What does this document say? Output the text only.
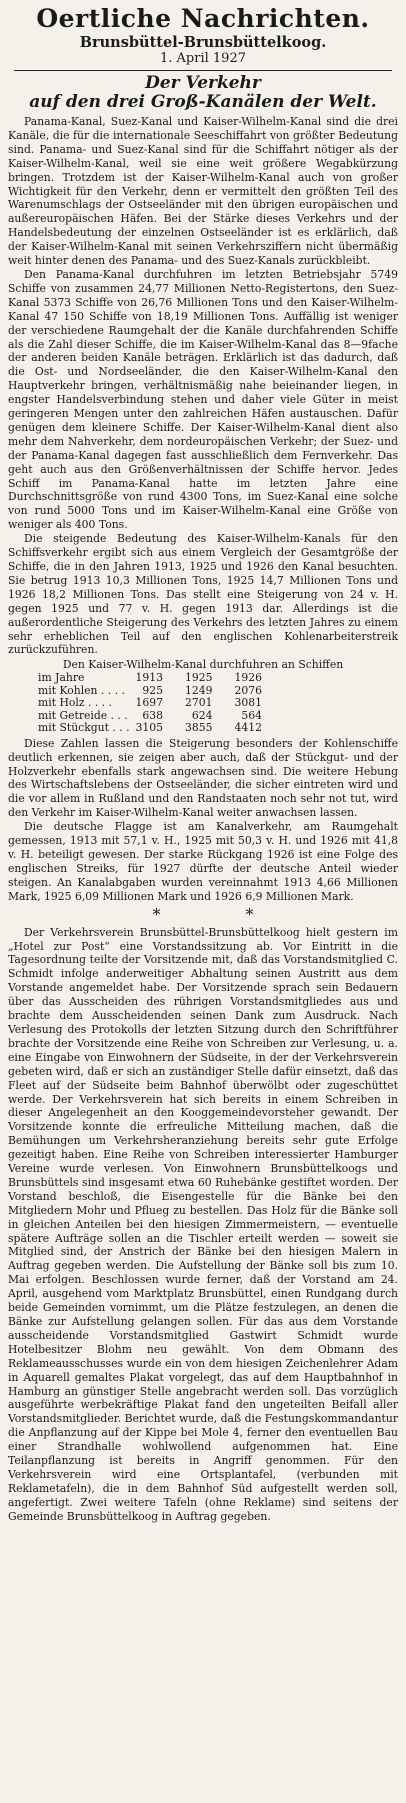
Oertliche Nachrichten.
Brunsbüttel-Brunsbüttelkoog.
1. April 1927
Der Verkehr
auf den drei Groß-Kanälen der Welt.

Panama-Kanal, Suez-Kanal und Kaiser-Wilhelm-Kanal sind die drei Kanäle, die für die internationale Seeschiffahrt von größter Bedeutung sind. Panama- und Suez-Kanal sind für die Schiffahrt nötiger als der Kaiser-Wilhelm-Kanal, weil sie eine weit größere Wegabkürzung bringen. Trotzdem ist der Kaiser-Wilhelm-Kanal auch von großer Wichtigkeit für den Verkehr, denn er vermittelt den größten Teil des Warenumschlags der Ostseeländer mit den übrigen europäischen und außereuropäischen Häfen. Bei der Stärke dieses Verkehrs und der Handelsbedeutung der einzelnen Ostseeländer ist es erklärlich, daß der Kaiser-Wilhelm-Kanal mit seinen Verkehrsziffern nicht übermäßig weit hinter denen des Panama- und des Suez-Kanals zurückbleibt.

Den Panama-Kanal durchfuhren im letzten Betriebsjahr 5749 Schiffe von zusammen 24,77 Millionen Netto-Registertons, den Suez-Kanal 5373 Schiffe von 26,76 Millionen Tons und den Kaiser-Wilhelm-Kanal 47 150 Schiffe von 18,19 Millionen Tons. Auffällig ist weniger der verschiedene Raumgehalt der die Kanäle durchfahrenden Schiffe als die Zahl dieser Schiffe, die im Kaiser-Wilhelm-Kanal das 8—9fache der anderen beiden Kanäle beträgen. Erklärlich ist das dadurch, daß die Ost- und Nordseeländer, die den Kaiser-Wilhelm-Kanal den Hauptverkehr bringen, verhältnismäßig nahe beieinander liegen, in engster Handelsverbindung stehen und daher viele Güter in meist geringeren Mengen unter den zahlreichen Häfen austauschen. Dafür genügen dem kleinere Schiffe. Der Kaiser-Wilhelm-Kanal dient also mehr dem Nahverkehr, dem nordeuropäischen Verkehr; der Suez- und der Panama-Kanal dagegen fast ausschließlich dem Fernverkehr. Das geht auch aus den Größenverhältnissen der Schiffe hervor. Jedes Schiff im Panama-Kanal hatte im letzten Jahre eine Durchschnittsgröße von rund 4300 Tons, im Suez-Kanal eine solche von rund 5000 Tons und im Kaiser-Wilhelm-Kanal eine Größe von weniger als 400 Tons.

Die steigende Bedeutung des Kaiser-Wilhelm-Kanals für den Schiffsverkehr ergibt sich aus einem Vergleich der Gesamtgröße der Schiffe, die in den Jahren 1913, 1925 und 1926 den Kanal besuchten. Sie betrug 1913 10,3 Millionen Tons, 1925 14,7 Millionen Tons und 1926 18,2 Millionen Tons. Das stellt eine Steigerung von 24 v. H. gegen 1925 und 77 v. H. gegen 1913 dar. Allerdings ist die außerordentliche Steigerung des Verkehrs des letzten Jahres zu einem sehr erheblichen Teil auf den englischen Kohlenarbeiterstreik zurückzuführen.

Den Kaiser-Wilhelm-Kanal durchfuhren an Schiffen
im Jahre	1913	1925	1926
mit Kohlen . . . .	925	1249	2076
mit Holz . . . .	1697	2701	3081
mit Getreide . . .	638	624	564
mit Stückgut . . .	3105	3855	4412

Diese Zahlen lassen die Steigerung besonders der Kohlenschiffe deutlich erkennen, sie zeigen aber auch, daß der Stückgut- und der Holzverkehr ebenfalls stark angewachsen sind. Die weitere Hebung des Wirtschaftslebens der Ostseeländer, die sicher eintreten wird und die vor allem in Rußland und den Randstaaten noch sehr not tut, wird den Verkehr im Kaiser-Wilhelm-Kanal weiter anwachsen lassen.

Die deutsche Flagge ist am Kanalverkehr, am Raumgehalt gemessen, 1913 mit 57,1 v. H., 1925 mit 50,3 v. H. und 1926 mit 41,8 v. H. beteiligt gewesen. Der starke Rückgang 1926 ist eine Folge des englischen Streiks, für 1927 dürfte der deutsche Anteil wieder steigen. An Kanalabgaben wurden vereinnahmt 1913 4,66 Millionen Mark, 1925 6,09 Millionen Mark und 1926 6,9 Millionen Mark.

* *

Der Verkehrsverein Brunsbüttel-Brunsbüttelkoog hielt gestern im „Hotel zur Post“ eine Vorstandssitzung ab. Vor Eintritt in die Tagesordnung teilte der Vorsitzende mit, daß das Vorstandsmitglied C. Schmidt infolge anderweitiger Abhaltung seinen Austritt aus dem Vorstande angemeldet habe. Der Vorsitzende sprach sein Bedauern über das Ausscheiden des rührigen Vorstandsmitgliedes aus und brachte dem Ausscheidenden seinen Dank zum Ausdruck. Nach Verlesung des Protokolls der letzten Sitzung durch den Schriftführer brachte der Vorsitzende eine Reihe von Schreiben zur Verlesung, u. a. eine Eingabe von Einwohnern der Südseite, in der der Verkehrsverein gebeten wird, daß er sich an zuständiger Stelle dafür einsetzt, daß das Fleet auf der Südseite beim Bahnhof überwölbt oder zugeschüttet werde. Der Verkehrsverein hat sich bereits in einem Schreiben in dieser Angelegenheit an den Kooggemeindevorsteher gewandt. Der Vorsitzende konnte die erfreuliche Mitteilung machen, daß die Bemühungen um Verkehrsheranziehung bereits sehr gute Erfolge gezeitigt haben. Eine Reihe von Schreiben interessierter Hamburger Vereine wurde verlesen. Von Einwohnern Brunsbüttelkoogs und Brunsbüttels sind insgesamt etwa 60 Ruhebänke gestiftet worden. Der Vorstand beschloß, die Eisengestelle für die Bänke bei den Mitgliedern Mohr und Pflueg zu bestellen. Das Holz für die Bänke soll in gleichen Anteilen bei den hiesigen Zimmermeistern, — eventuelle spätere Aufträge sollen an die Tischler erteilt werden — soweit sie Mitglied sind, der Anstrich der Bänke bei den hiesigen Malern in Auftrag gegeben werden. Die Aufstellung der Bänke soll bis zum 10. Mai erfolgen. Beschlossen wurde ferner, daß der Vorstand am 24. April, ausgehend vom Marktplatz Brunsbüttel, einen Rundgang durch beide Gemeinden vornimmt, um die Plätze festzulegen, an denen die Bänke zur Aufstellung gelangen sollen. Für das aus dem Vorstande ausscheidende Vorstandsmitglied Gastwirt Schmidt wurde Hotelbesitzer Blohm neu gewählt. Von dem Obmann des Reklameausschusses wurde ein von dem hiesigen Zeichenlehrer Adam in Aquarell gemaltes Plakat vorgelegt, das auf dem Hauptbahnhof in Hamburg an günstiger Stelle angebracht werden soll. Das vorzüglich ausgeführte werbekräftige Plakat fand den ungeteilten Beifall aller Vorstandsmitglieder. Berichtet wurde, daß die Festungskommandantur die Anpflanzung auf der Kippe bei Mole 4, ferner den eventuellen Bau einer Strandhalle wohlwollend aufgenommen hat. Eine Teilanpflanzung ist bereits in Angriff genommen. Für den Verkehrsverein wird eine Ortsplantafel, (verbunden mit Reklametafeln), die in dem Bahnhof Süd aufgestellt werden soll, angefertigt. Zwei weitere Tafeln (ohne Reklame) sind seitens der Gemeinde Brunsbüttelkoog in Auftrag gegeben.
